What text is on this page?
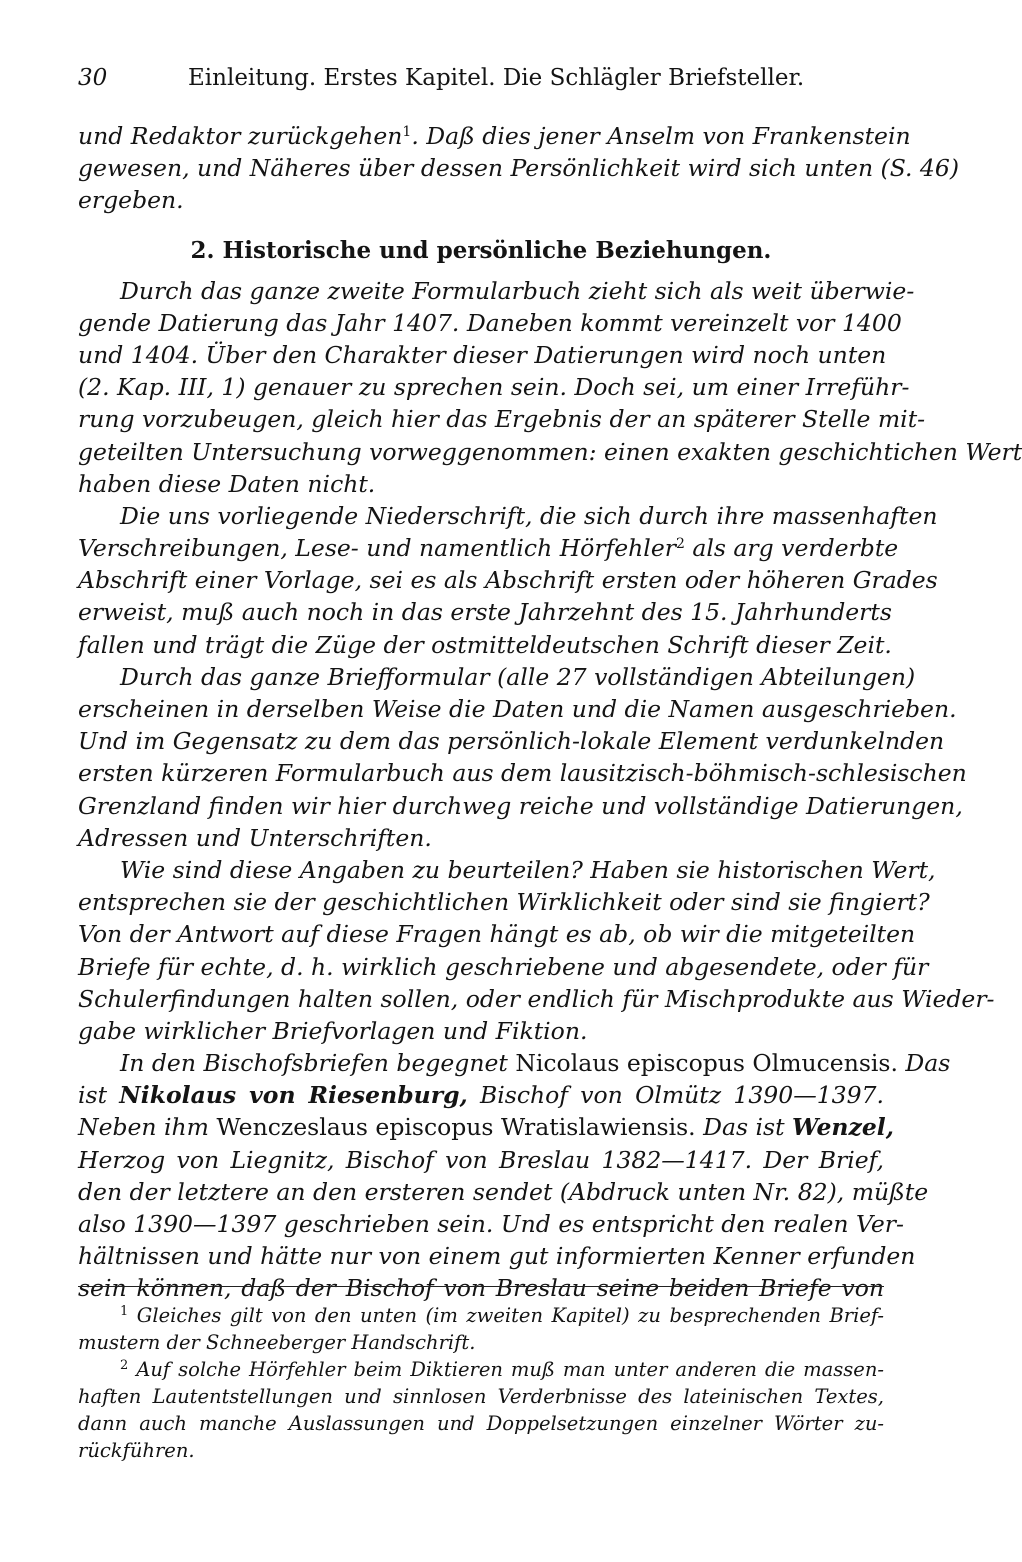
30	Einleitung. Erstes Kapitel. Die Schlägler Briefsteller.
und Redaktor zurückgehen$^1$. Daß dies jener Anselm von Frankenstein
gewesen, und Näheres über dessen Persönlichkeit wird sich unten (S. 46)
ergeben.
2. Historische und persönliche Beziehungen.
Durch das ganze zweite Formularbuch zieht sich als weit überwie-
gende Datierung das Jahr 1407. Daneben kommt vereinzelt vor 1400
und 1404. Über den Charakter dieser Datierungen wird noch unten
(2. Kap. III, 1) genauer zu sprechen sein. Doch sei, um einer Irreführ-
rung vorzubeugen, gleich hier das Ergebnis der an späterer Stelle mit-
geteilten Untersuchung vorweggenommen: einen exakten geschichtichen Wert
haben diese Daten nicht.
Die uns vorliegende Niederschrift, die sich durch ihre massenhaften
Verschreibungen, Lese- und namentlich Hörfehler$^2$ als arg verderbte
Abschrift einer Vorlage, sei es als Abschrift ersten oder höheren Grades
erweist, muß auch noch in das erste Jahrzehnt des 15. Jahrhunderts
fallen und trägt die Züge der ostmitteldeutschen Schrift dieser Zeit.
Durch das ganze Briefformular (alle 27 vollständigen Abteilungen)
erscheinen in derselben Weise die Daten und die Namen ausgeschrieben.
Und im Gegensatz zu dem das persönlich-lokale Element verdunkelnden
ersten kürzeren Formularbuch aus dem lausitzisch-böhmisch-schlesischen
Grenzland finden wir hier durchweg reiche und vollständige Datierungen,
Adressen und Unterschriften.
Wie sind diese Angaben zu beurteilen? Haben sie historischen Wert,
entsprechen sie der geschichtlichen Wirklichkeit oder sind sie fingiert?
Von der Antwort auf diese Fragen hängt es ab, ob wir die mitgeteilten
Briefe für echte, d. h. wirklich geschriebene und abgesendete, oder für
Schulerfindungen halten sollen, oder endlich für Mischprodukte aus Wieder-
gabe wirklicher Briefvorlagen und Fiktion.
In den Bischofsbriefen begegnet Nicolaus episcopus Olmucensis. Das
ist Nikolaus von Riesenburg, Bischof von Olmütz 1390—1397.
Neben ihm Wenczeslaus episcopus Wratislawiensis. Das ist Wenzel,
Herzog von Liegnitz, Bischof von Breslau 1382—1417. Der Brief,
den der letztere an den ersteren sendet (Abdruck unten Nr. 82), müßte
also 1390—1397 geschrieben sein. Und es entspricht den realen Ver-
hältnissen und hätte nur von einem gut informierten Kenner erfunden
sein können, daß der Bischof von Breslau seine beiden Briefe von
$^1$ Gleiches gilt von den unten (im zweiten Kapitel) zu besprechenden Brief-
mustern der Schneeberger Handschrift.
$^2$ Auf solche Hörfehler beim Diktieren muß man unter anderen die massen-
haften Lautentstellungen und sinnlosen Verderbnisse des lateinischen Textes,
dann auch manche Auslassungen und Doppelsetzungen einzelner Wörter zu-
rückführen.
